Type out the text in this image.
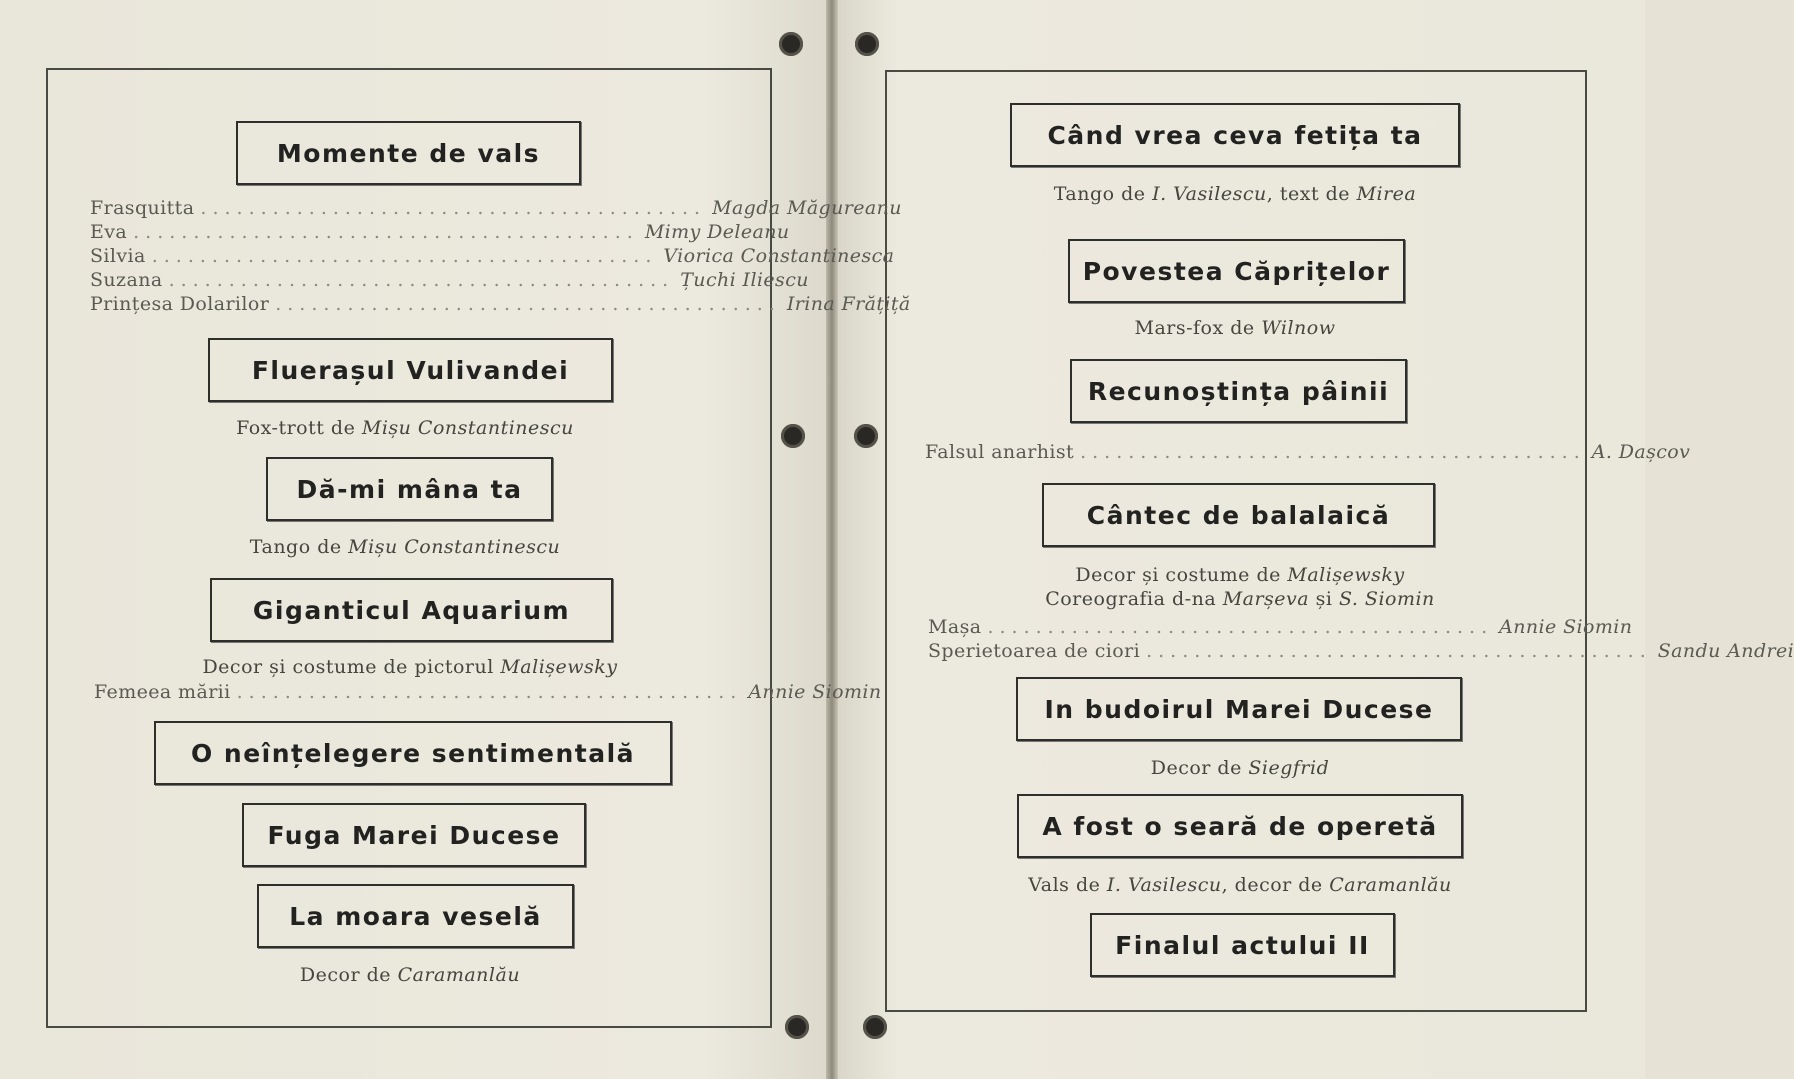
Momente de vals
Frasquitta .......................................... Magda Măgureanu
Eva .......................................... Mimy Deleanu
Silvia .......................................... Viorica Constantinesca
Suzana .......................................... Țuchi Iliescu
Prințesa Dolarilor .......................................... Irina Frățiță
Fluerașul Vulivandei
Fox-trott de Mișu Constantinescu
Dă-mi mâna ta
Tango de Mișu Constantinescu
Giganticul Aquarium
Decor și costume de pictorul Malișewsky
Femeea mării .......................................... Annie Siomin
O neînțelegere sentimentală
Fuga Marei Ducese
La moara veselă
Decor de Caramanlău
Când vrea ceva fetița ta
Tango de I. Vasilescu, text de Mirea
Povestea Căprițelor
Mars-fox de Wilnow
Recunoștința pâinii
Falsul anarhist .......................................... A. Dașcov
Cântec de balalaică
Decor și costume de Malișewsky
Coreografia d-na Marșeva și S. Siomin
Mașa .......................................... Annie Siomin
Sperietoarea de ciori .......................................... Sandu Andrei
In budoirul Marei Ducese
Decor de Siegfrid
A fost o seară de operetă
Vals de I. Vasilescu, decor de Caramanlău
Finalul actului II
